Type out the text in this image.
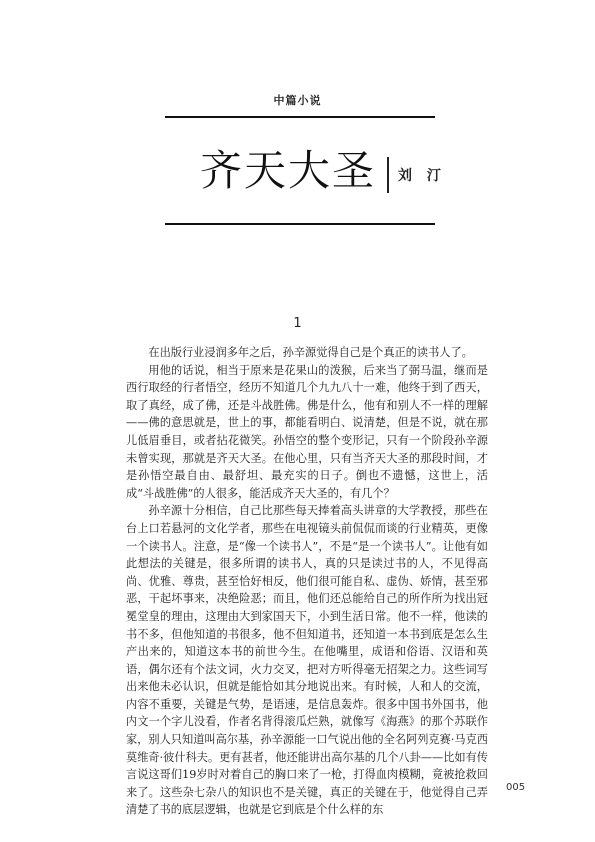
中篇小说
齐天大圣 刘 汀
1

在出版行业浸润多年之后，孙辛源觉得自己是个真正的读书人了。

用他的话说，相当于原来是花果山的泼猴，后来当了弼马温，继而是西行取经的行者悟空，经历不知道几个九九八十一难，他终于到了西天，取了真经，成了佛，还是斗战胜佛。佛是什么，他有和别人不一样的理解——佛的意思就是，世上的事，都能看明白、说清楚，但是不说，就在那儿低眉垂目，或者拈花微笑。孙悟空的整个变形记，只有一个阶段孙辛源未曾实现，那就是齐天大圣。在他心里，只有当齐天大圣的那段时间，才是孙悟空最自由、最舒坦、最充实的日子。倒也不遗憾，这世上，活成“斗战胜佛”的人很多，能活成齐天大圣的，有几个？

孙辛源十分相信，自己比那些每天捧着高头讲章的大学教授，那些在台上口若悬河的文化学者，那些在电视镜头前侃侃而谈的行业精英，更像一个读书人。注意，是“像一个读书人”，不是“是一个读书人”。让他有如此想法的关键是，很多所谓的读书人，真的只是读过书的人，不见得高尚、优雅、尊贵，甚至恰好相反，他们很可能自私、虚伪、娇情，甚至邪恶，干起坏事来，决绝险恶；而且，他们还总能给自己的所作所为找出冠冕堂皇的理由，这理由大到家国天下，小到生活日常。他不一样，他读的书不多，但他知道的书很多，他不但知道书，还知道一本书到底是怎么生产出来的，知道这本书的前世今生。在他嘴里，成语和俗语、汉语和英语，偶尔还有个法文词，火力交叉，把对方听得毫无招架之力。这些词写出来他未必认识，但就是能恰如其分地说出来。有时候，人和人的交流，内容不重要，关键是气势，是语速，是信息轰炸。很多中国书外国书，他内文一个字儿没看，作者名背得滚瓜烂熟，就像写《海燕》的那个苏联作家，别人只知道叫高尔基，孙辛源能一口气说出他的全名阿列克赛·马克西莫维奇·彼什科夫。更有甚者，他还能讲出高尔基的几个八卦——比如有传言说这哥们19岁时对着自己的胸口来了一枪，打得血肉模糊，竟被抢救回来了。这些杂七杂八的知识也不是关键，真正的关键在于，他觉得自己弄清楚了书的底层逻辑，也就是它到底是个什么样的东

005
